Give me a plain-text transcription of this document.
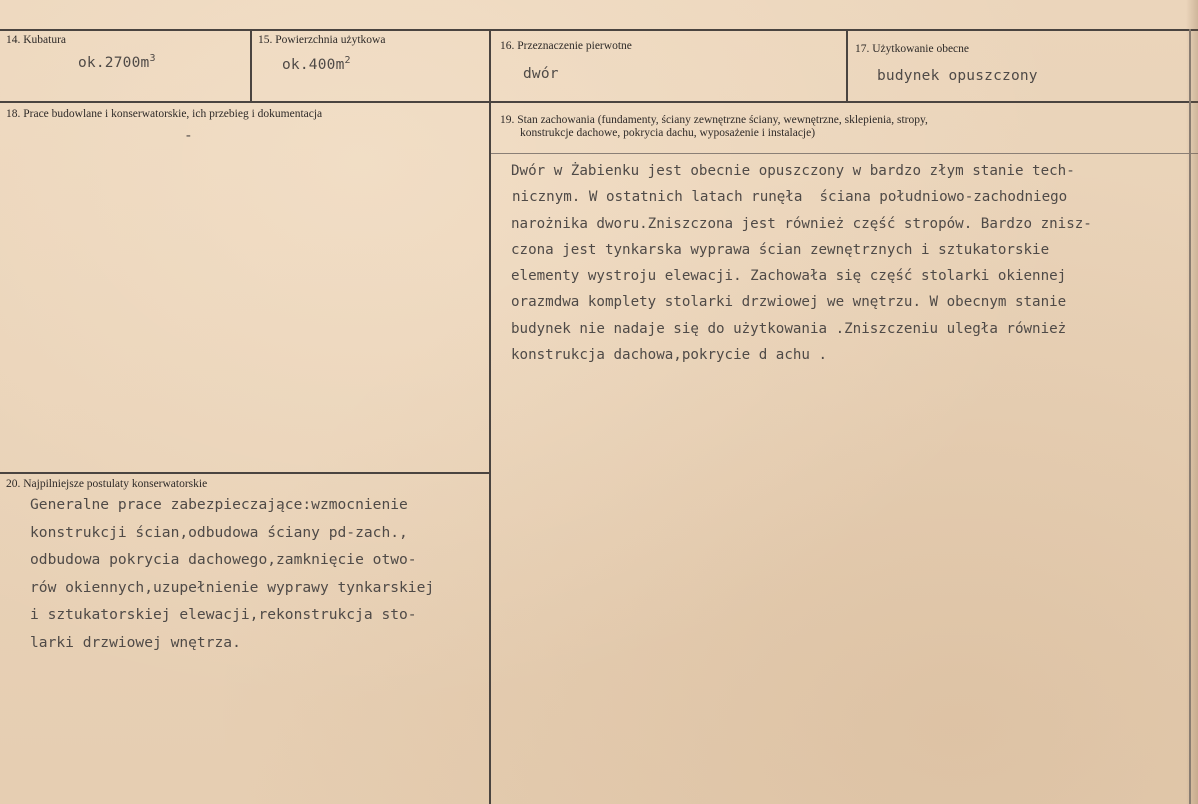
14. Kubatura
$ok.2700m^3$
15. Powierzchnia użytkowa
$ok.400m^2$
16. Przeznaczenie pierwotne
dwór
17. Użytkowanie obecne
budynek opuszczony
18. Prace budowlane i konserwatorskie, ich przebieg i dokumentacja
-
19. Stan zachowania (fundamenty, ściany zewnętrzne ściany, wewnętrzne, sklepienia, stropy,
konstrukcje dachowe, pokrycia dachu, wyposażenie i instalacje)
Dwór w Żabienku jest obecnie opuszczony w bardzo złym stanie tech-
nicznym. W ostatnich latach runęła  ściana południowo-zachodniego
narożnika dworu.Zniszczona jest również część stropów. Bardzo znisz-
czona jest tynkarska wyprawa ścian zewnętrznych i sztukatorskie
elementy wystroju elewacji. Zachowała się część stolarki okiennej
orazmdwa komplety stolarki drzwiowej we wnętrzu. W obecnym stanie
budynek nie nadaje się do użytkowania .Zniszczeniu uległa również
konstrukcja dachowa,pokrycie d achu .
20. Najpilniejsze postulaty konserwatorskie
Generalne prace zabezpieczające:wzmocnienie
konstrukcji ścian,odbudowa ściany pd-zach.,
odbudowa pokrycia dachowego,zamknięcie otwo-
rów okiennych,uzupełnienie wyprawy tynkarskiej
i sztukatorskiej elewacji,rekonstrukcja sto-
larki drzwiowej wnętrza.
